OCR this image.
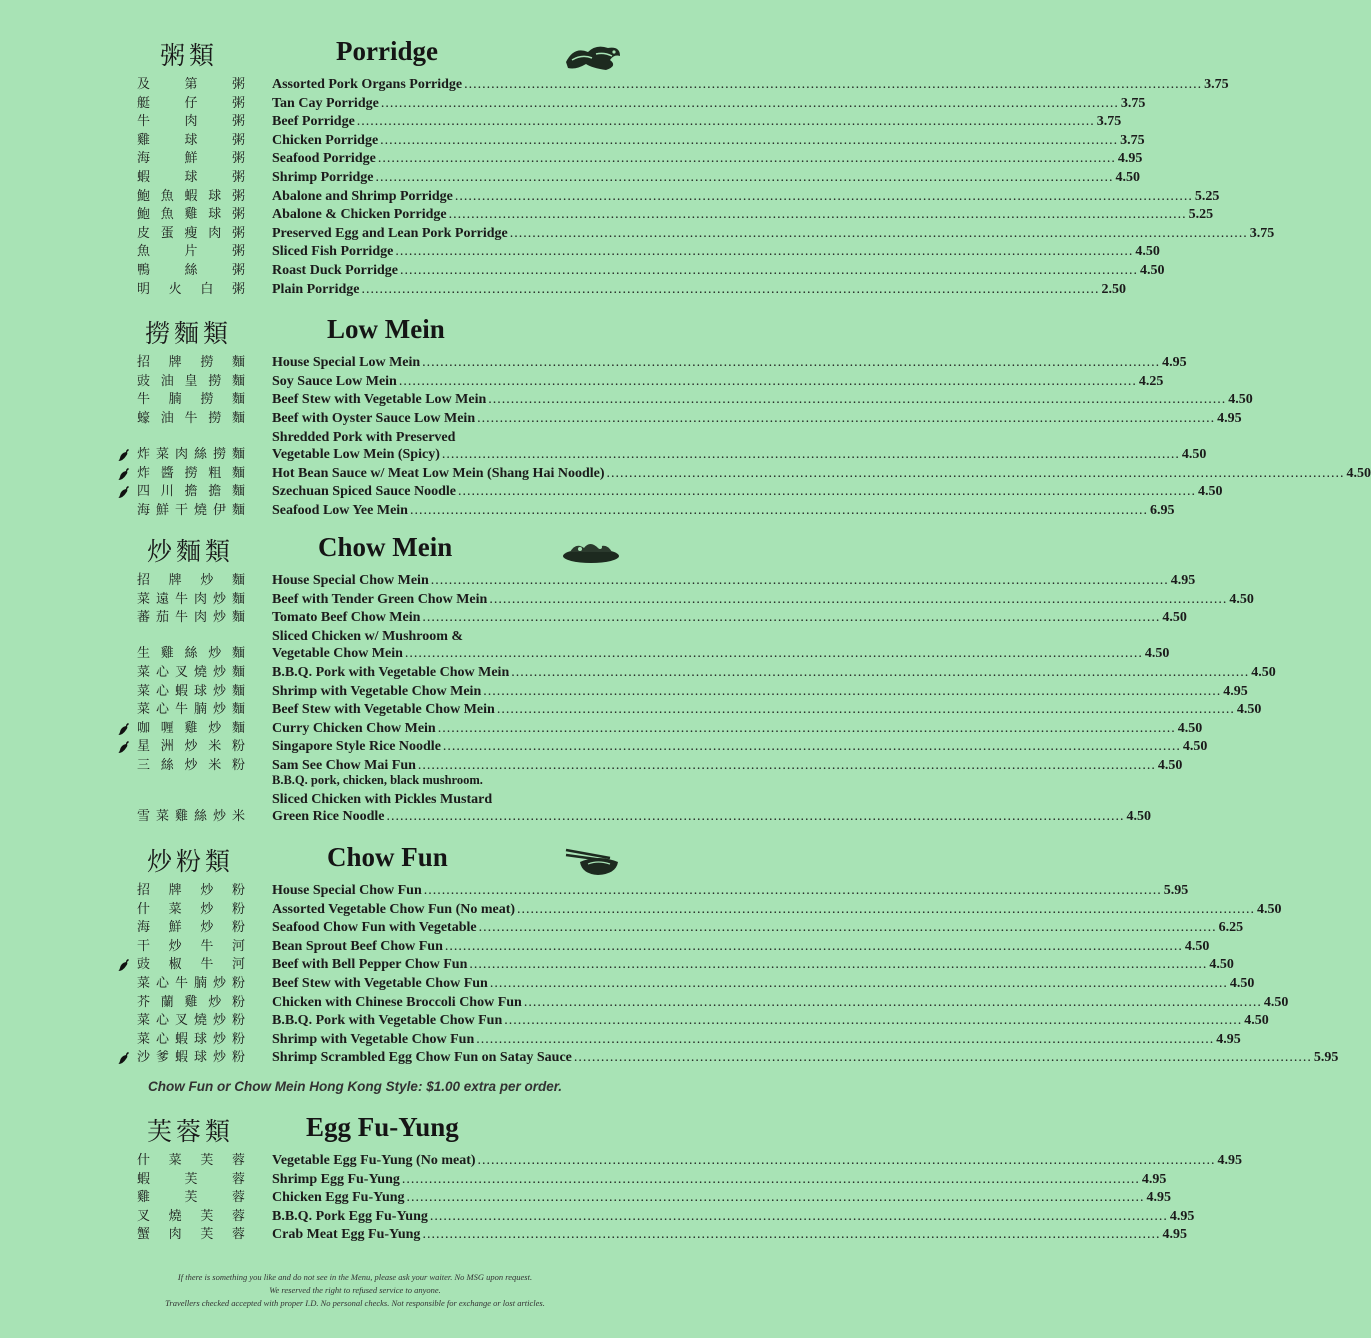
粥類	Porridge
及第粥 Assorted Pork Organs Porridge .....	3.75
艇仔粥 Tan Cay Porridge .....	3.75
牛肉粥 Beef Porridge .....	3.75
雞球粥 Chicken Porridge .....	3.75
海鮮粥 Seafood Porridge .....	4.95
蝦球粥 Shrimp Porridge .....	4.50
鮑魚蝦球粥 Abalone and Shrimp Porridge .....	5.25
鮑魚雞球粥 Abalone & Chicken Porridge .....	5.25
皮蛋瘦肉粥 Preserved Egg and Lean Pork Porridge .....	3.75
魚片粥 Sliced Fish Porridge .....	4.50
鴨絲粥 Roast Duck Porridge .....	4.50
明火白粥 Plain Porridge .....	2.50
撈麵類	Low Mein
招牌撈麵 House Special Low Mein .....	4.95
豉油皇撈麵 Soy Sauce Low Mein .....	4.25
牛腩撈麵 Beef Stew with Vegetable Low Mein .....	4.50
蠔油牛撈麵 Beef with Oyster Sauce Low Mein .....	4.95
炸菜肉絲撈麵
Shredded Pork with Preserved
Vegetable Low Mein (Spicy) .....	4.50
炸醬撈粗麵 Hot Bean Sauce w/ Meat Low Mein (Shang Hai Noodle) .....	4.50
四川擔擔麵 Szechuan Spiced Sauce Noodle .....	4.50
海鮮干燒伊麵 Seafood Low Yee Mein .....	6.95
炒麵類	Chow Mein
招牌炒麵 House Special Chow Mein .....	4.95
菜遠牛肉炒麵 Beef with Tender Green Chow Mein .....	4.50
蕃茄牛肉炒麵 Tomato Beef Chow Mein .....	4.50
生雞絲炒麵
Sliced Chicken w/ Mushroom &
Vegetable Chow Mein .....	4.50
菜心叉燒炒麵 B.B.Q. Pork with Vegetable Chow Mein .....	4.50
菜心蝦球炒麵 Shrimp with Vegetable Chow Mein .....	4.95
菜心牛腩炒麵 Beef Stew with Vegetable Chow Mein .....	4.50
咖喱雞炒麵 Curry Chicken Chow Mein .....	4.50
星洲炒米粉 Singapore Style Rice Noodle .....	4.50
三絲炒米粉 Sam See Chow Mai Fun .....	4.50
B.B.Q. pork, chicken, black mushroom.
雪菜雞絲炒米
Sliced Chicken with Pickles Mustard
Green Rice Noodle .....	4.50
炒粉類	Chow Fun
招牌炒粉 House Special Chow Fun .....	5.95
什菜炒粉 Assorted Vegetable Chow Fun (No meat) .....	4.50
海鮮炒粉 Seafood Chow Fun with Vegetable .....	6.25
干炒牛河 Bean Sprout Beef Chow Fun .....	4.50
豉椒牛河 Beef with Bell Pepper Chow Fun .....	4.50
菜心牛腩炒粉 Beef Stew with Vegetable Chow Fun .....	4.50
芥蘭雞炒粉 Chicken with Chinese Broccoli Chow Fun .....	4.50
菜心叉燒炒粉 B.B.Q. Pork with Vegetable Chow Fun .....	4.50
菜心蝦球炒粉 Shrimp with Vegetable Chow Fun .....	4.95
沙爹蝦球炒粉 Shrimp Scrambled Egg Chow Fun on Satay Sauce .....	5.95
Chow Fun or Chow Mein Hong Kong Style: $1.00 extra per order.
芙蓉類	Egg Fu-Yung
什菜芙蓉 Vegetable Egg Fu-Yung (No meat) .....	4.95
蝦芙蓉 Shrimp Egg Fu-Yung .....	4.95
雞芙蓉 Chicken Egg Fu-Yung .....	4.95
叉燒芙蓉 B.B.Q. Pork Egg Fu-Yung .....	4.95
蟹肉芙蓉 Crab Meat Egg Fu-Yung .....	4.95
If there is something you like and do not see in the Menu, please ask your waiter. No MSG upon request.
We reserved the right to refused service to anyone.
Travellers checked accepted with proper I.D. No personal checks. Not responsible for exchange or lost articles.
